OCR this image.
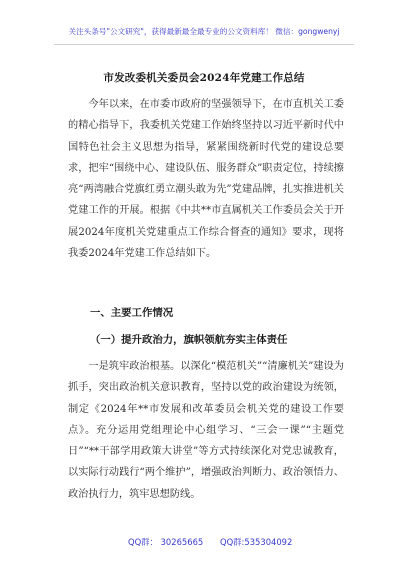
关注头条号"公文研究"，获得最新最全最专业的公文资料库！ 微信：gongwenyj
市发改委机关委员会2024年党建工作总结

今年以来，在市委市政府的坚强领导下，在市直机关工委的精心指导下，我委机关党建工作始终坚持以习近平新时代中国特色社会主义思想为指导，紧紧围绕新时代党的建设总要求，把牢“围绕中心、建设队伍、服务群众”职责定位，持续擦亮“两湾融合党旗红勇立潮头敢为先”党建品牌，扎实推进机关党建工作的开展。根据《中共**市直属机关工作委员会关于开展2024年度机关党建重点工作综合督查的通知》要求，现将我委2024年党建工作总结如下。

一、主要工作情况
（一）提升政治力，旗帜领航夯实主体责任

一是筑牢政治根基。以深化“模范机关”“清廉机关”建设为抓手，突出政治机关意识教育，坚持以党的政治建设为统领，制定《2024年**市发展和改革委员会机关党的建设工作要点》。充分运用党组理论中心组学习、“三会一课”“主题党日”“**干部学用政策大讲堂”等方式持续深化对党忠诚教育，以实际行动践行“两个维护”，增强政治判断力、政治领悟力、政治执行力，筑牢思想防线。

QQ群： 30265665 QQ群:535304092
